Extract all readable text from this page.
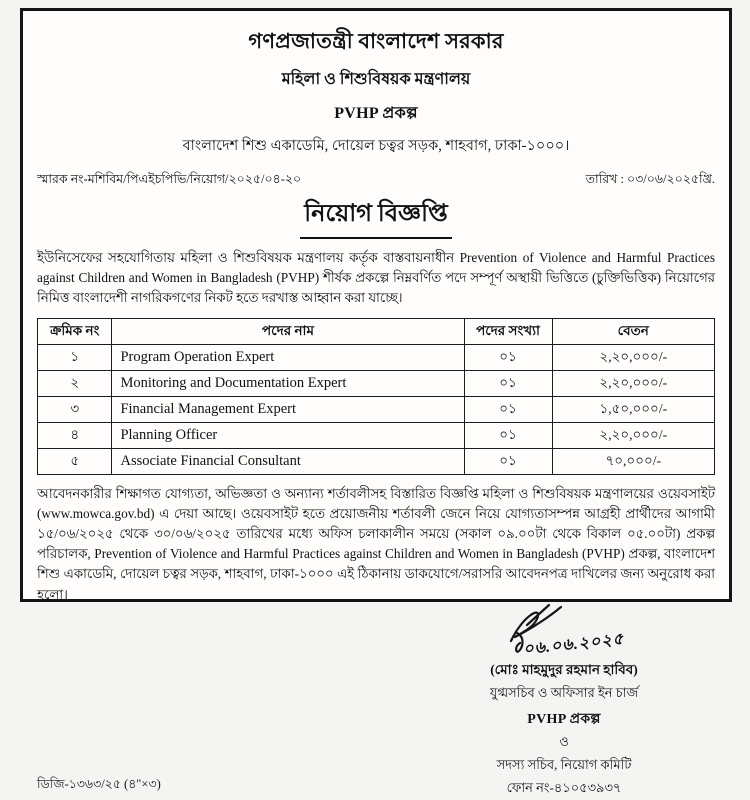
গণপ্রজাতন্ত্রী বাংলাদেশ সরকার
মহিলা ও শিশুবিষয়ক মন্ত্রণালয়
PVHP প্রকল্প
বাংলাদেশ শিশু একাডেমি, দোয়েল চত্বর সড়ক, শাহবাগ, ঢাকা-১০০০।
স্মারক নং-মশিবিম/পিএইচপিভি/নিয়োগ/২০২৫/০৪-২০	তারিখ : ০৩/০৬/২০২৫খ্রি.
নিয়োগ বিজ্ঞপ্তি

ইউনিসেফের সহযোগিতায় মহিলা ও শিশুবিষয়ক মন্ত্রণালয় কর্তৃক বাস্তবায়নাধীন Prevention of Violence and Harmful Practices against Children and Women in Bangladesh (PVHP) শীর্ষক প্রকল্পে নিম্নবর্ণিত পদে সম্পূর্ণ অস্থায়ী ভিত্তিতে (চুক্তিভিত্তিক) নিয়োগের নিমিত্ত বাংলাদেশী নাগরিকগণের নিকট হতে দরখাস্ত আহ্বান করা যাচ্ছে।

ক্রমিক নং	পদের নাম	পদের সংখ্যা	বেতন
১	Program Operation Expert	০১	২,২০,০০০/-
২	Monitoring and Documentation Expert	০১	২,২০,০০০/-
৩	Financial Management Expert	০১	১,৫০,০০০/-
৪	Planning Officer	০১	২,২০,০০০/-
৫	Associate Financial Consultant	০১	৭০,০০০/-

আবেদনকারীর শিক্ষাগত যোগ্যতা, অভিজ্ঞতা ও অন্যান্য শর্তাবলীসহ বিস্তারিত বিজ্ঞপ্তি মহিলা ও শিশুবিষয়ক মন্ত্রণালয়ের ওয়েবসাইট (www.mowca.gov.bd) এ দেয়া আছে। ওয়েবসাইট হতে প্রয়োজনীয় শর্তাবলী জেনে নিয়ে যোগ্যতাসম্পন্ন আগ্রহী প্রার্থীদের আগামী ১৫/০৬/২০২৫ থেকে ৩০/০৬/২০২৫ তারিখের মধ্যে অফিস চলাকালীন সময়ে (সকাল ০৯.০০টা থেকে বিকাল ০৫.০০টা) প্রকল্প পরিচালক, Prevention of Violence and Harmful Practices against Children and Women in Bangladesh (PVHP) প্রকল্প, বাংলাদেশ শিশু একাডেমি, দোয়েল চত্বর সড়ক, শাহবাগ, ঢাকা-১০০০ এই ঠিকানায় ডাকযোগে/সরাসরি আবেদনপত্র দাখিলের জন্য অনুরোধ করা হলো।

ডিজি-১৩৬৩/২৫ (৪"×৩)
০৬.০৬.২০২৫
(মোঃ মাহমুদুর রহমান হাবিব)
যুগ্মসচিব ও অফিসার ইন চার্জ
PVHP প্রকল্প
ও
সদস্য সচিব, নিয়োগ কমিটি
ফোন নং-৪১০৫৩৯৩৭
